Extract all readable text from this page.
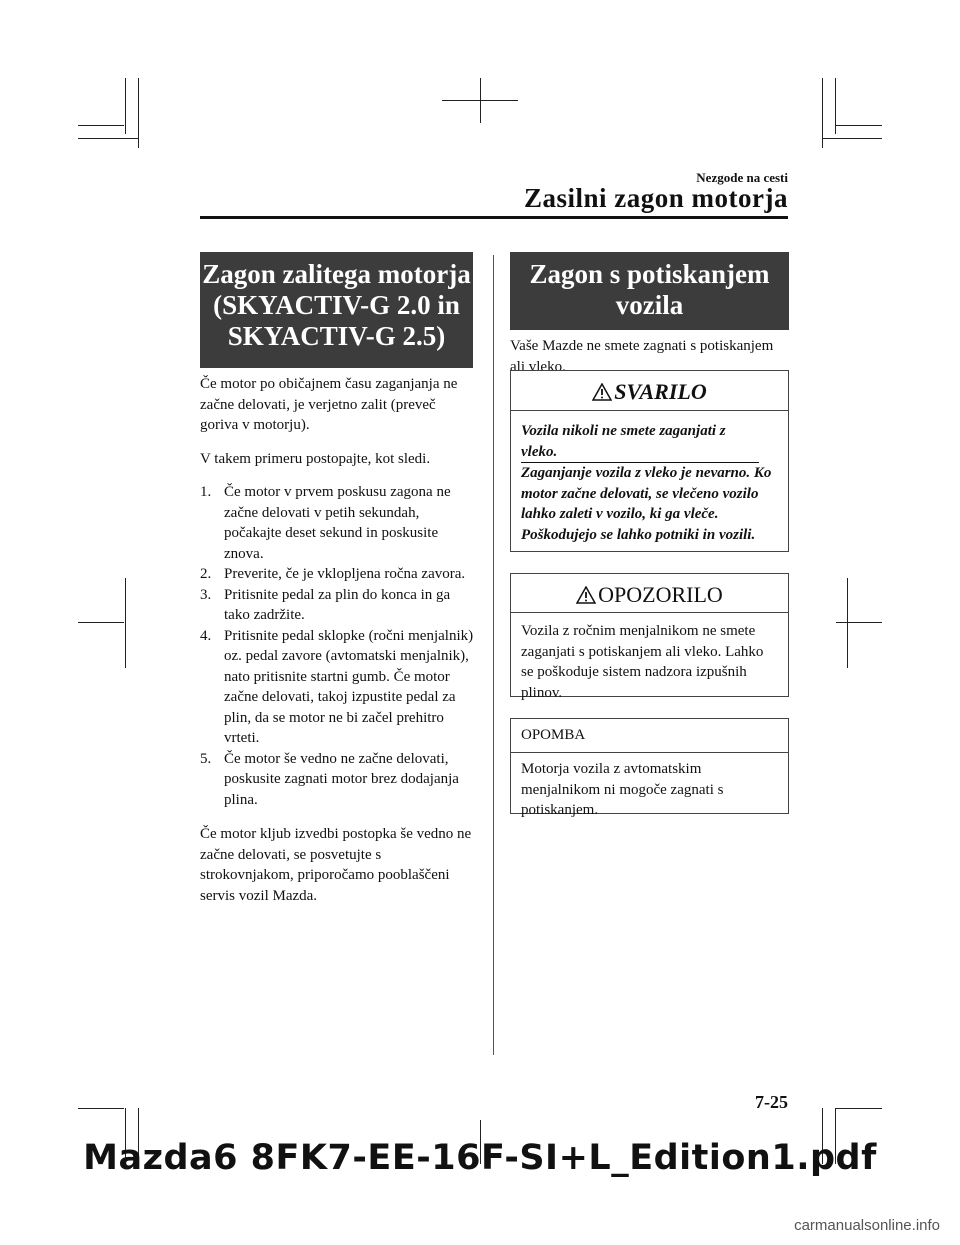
Nezgode na cesti
Zasilni zagon motorja
Zagon zalitega motorja
(SKYACTIV-G 2.0 in
SKYACTIV-G 2.5)

Če motor po običajnem času zaganjanja ne začne delovati, je verjetno zalit (preveč goriva v motorju).

V takem primeru postopajte, kot sledi.

1. Če motor v prvem poskusu zagona ne začne delovati v petih sekundah, počakajte deset sekund in poskusite znova.
2. Preverite, če je vklopljena ročna zavora.
3. Pritisnite pedal za plin do konca in ga tako zadržite.
4. Pritisnite pedal sklopke (ročni menjalnik) oz. pedal zavore (avtomatski menjalnik), nato pritisnite startni gumb. Če motor začne delovati, takoj izpustite pedal za plin, da se motor ne bi začel prehitro vrteti.
5. Če motor še vedno ne začne delovati, poskusite zagnati motor brez dodajanja plina.

Če motor kljub izvedbi postopka še vedno ne začne delovati, se posvetujte s strokovnjakom, priporočamo pooblaščeni servis vozil Mazda.

Zagon s potiskanjem
vozila
Vaše Mazde ne smete zagnati s potiskanjem ali vleko.
SVARILO
Vozila nikoli ne smete zaganjati z vleko.
Zaganjanje vozila z vleko je nevarno. Ko motor začne delovati, se vlečeno vozilo lahko zaleti v vozilo, ki ga vleče. Poškodujejo se lahko potniki in vozili.
OPOZORILO
Vozila z ročnim menjalnikom ne smete zaganjati s potiskanjem ali vleko. Lahko se poškoduje sistem nadzora izpušnih plinov.
OPOMBA
Motorja vozila z avtomatskim menjalnikom ni mogoče zagnati s potiskanjem.
7-25
Mazda6 8FK7-EE-16F-SI+L_Edition1.pdf
carmanualsonline.info
